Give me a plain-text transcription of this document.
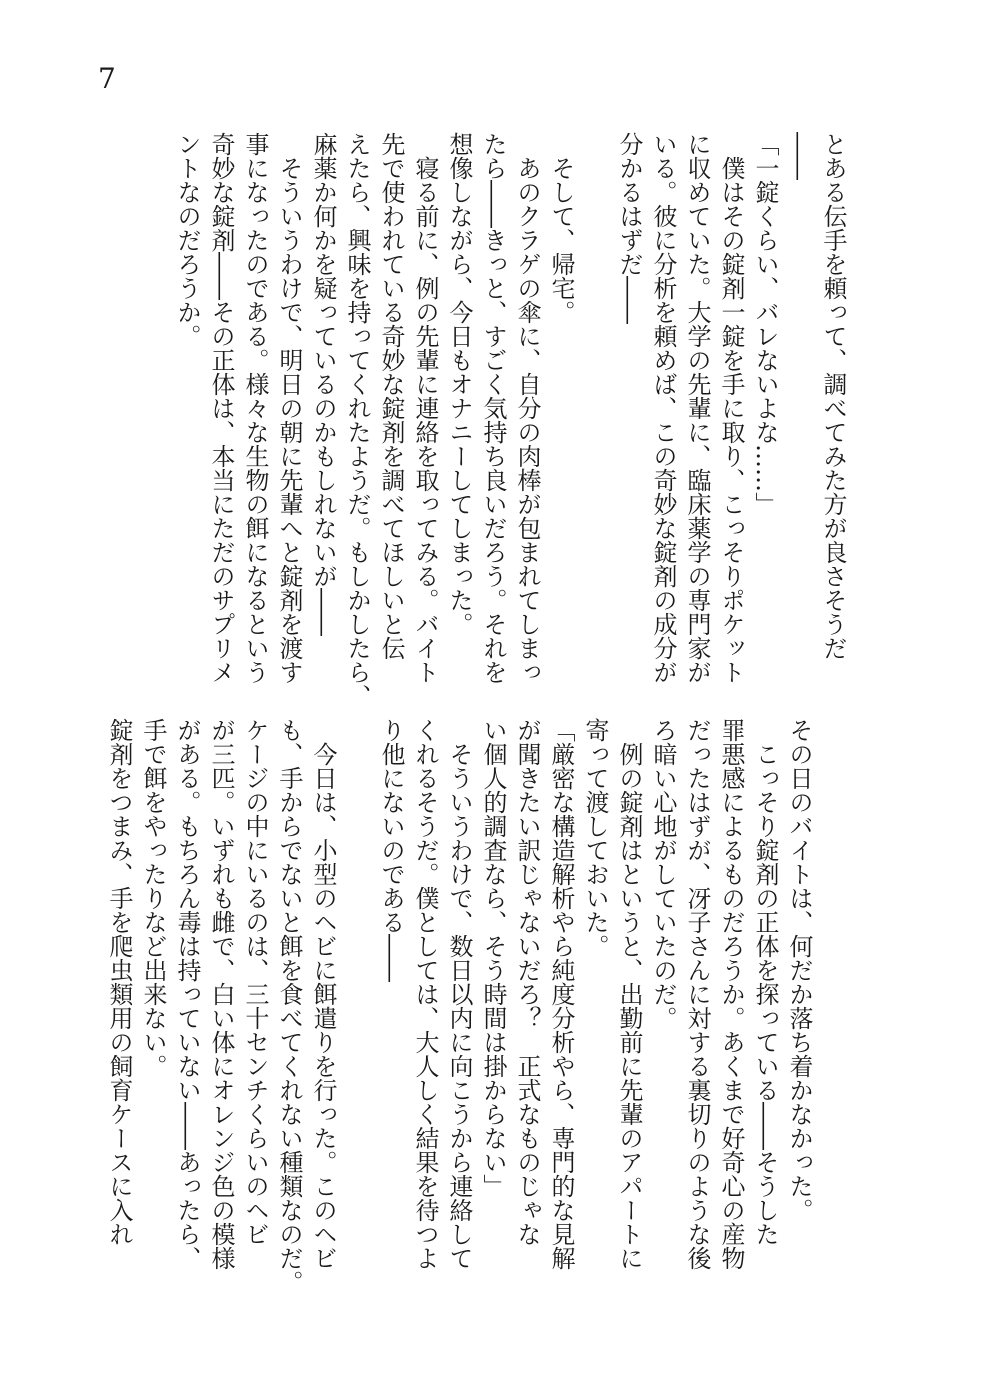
7
とある伝手を頼って、調べてみた方が良さそうだ
――
「一錠くらい、バレないよな……」
　僕はその錠剤一錠を手に取り、こっそりポケット
に収めていた。大学の先輩に、臨床薬学の専門家が
いる。彼に分析を頼めば、この奇妙な錠剤の成分が
分かるはずだ――

　そして、帰宅。
　あのクラゲの傘に、自分の肉棒が包まれてしまっ
たら――きっと、すごく気持ち良いだろう。それを
想像しながら、今日もオナニーしてしまった。
　寝る前に、例の先輩に連絡を取ってみる。バイト
先で使われている奇妙な錠剤を調べてほしいと伝
えたら、興味を持ってくれたようだ。もしかしたら、
麻薬か何かを疑っているのかもしれないが――
　そういうわけで、明日の朝に先輩へと錠剤を渡す
事になったのである。様々な生物の餌になるという
奇妙な錠剤――その正体は、本当にただのサプリメ
ントなのだろうか。
その日のバイトは、何だか落ち着かなかった。
　こっそり錠剤の正体を探っている――そうした
罪悪感によるものだろうか。あくまで好奇心の産物
だったはずが、冴子さんに対する裏切りのような後
ろ暗い心地がしていたのだ。
　例の錠剤はというと、出勤前に先輩のアパートに
寄って渡しておいた。
「厳密な構造解析やら純度分析やら、専門的な見解
が聞きたい訳じゃないだろ？　正式なものじゃな
い個人的調査なら、そう時間は掛からない」
　そういうわけで、数日以内に向こうから連絡して
くれるそうだ。僕としては、大人しく結果を待つよ
り他にないのである――

　今日は、小型のヘビに餌遣りを行った。このヘビ
も、手からでないと餌を食べてくれない種類なのだ。
ケージの中にいるのは、三十センチくらいのヘビ
が三匹。いずれも雌で、白い体にオレンジ色の模様
がある。もちろん毒は持っていない――あったら、
手で餌をやったりなど出来ない。
錠剤をつまみ、手を爬虫類用の飼育ケースに入れ
